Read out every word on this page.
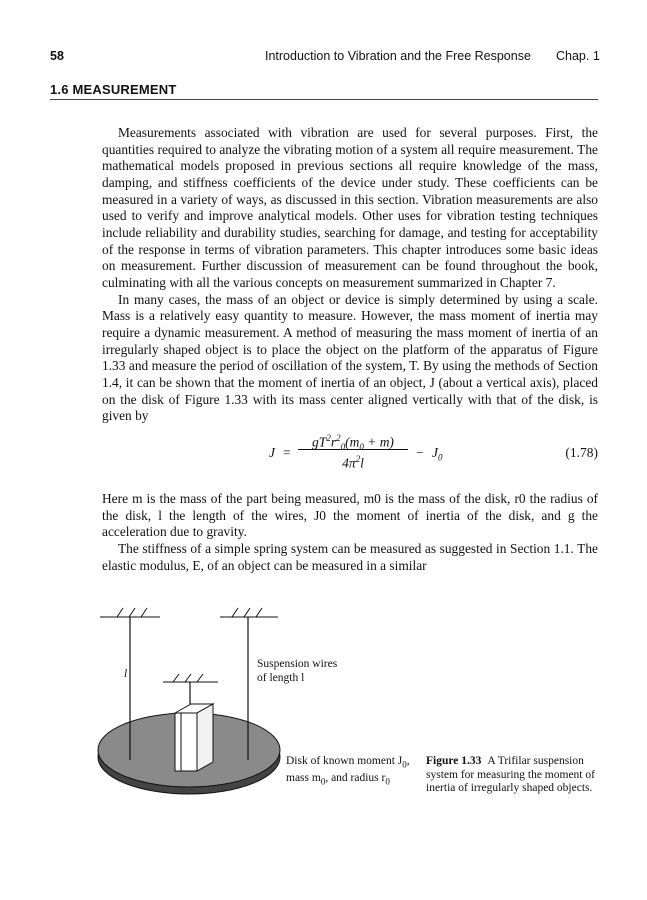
58	Introduction to Vibration and the Free Response Chap. 1
1.6 MEASUREMENT

Measurements associated with vibration are used for several purposes. First, the quantities required to analyze the vibrating motion of a system all require measurement. The mathematical models proposed in previous sections all require knowledge of the mass, damping, and stiffness coefficients of the device under study. These coefficients can be measured in a variety of ways, as discussed in this section. Vibration measurements are also used to verify and improve analytical models. Other uses for vibration testing techniques include reliability and durability studies, searching for damage, and testing for acceptability of the response in terms of vibration parameters. This chapter introduces some basic ideas on measurement. Further discussion of measurement can be found throughout the book, culminating with all the various concepts on measurement summarized in Chapter 7.

In many cases, the mass of an object or device is simply determined by using a scale. Mass is a relatively easy quantity to measure. However, the mass moment of inertia may require a dynamic measurement. A method of measuring the mass moment of inertia of an irregularly shaped object is to place the object on the platform of the apparatus of Figure 1.33 and measure the period of oscillation of the system, T. By using the methods of Section 1.4, it can be shown that the moment of inertia of an object, J (about a vertical axis), placed on the disk of Figure 1.33 with its mass center aligned vertically with that of the disk, is given by

J =
$gT^2r^2_0(m_0 + m)$
$4\pi^2l$
− $J_0$	(1.78)

Here m is the mass of the part being measured, m0 is the mass of the disk, r0 the radius of the disk, l the length of the wires, J0 the moment of inertia of the disk, and g the acceleration due to gravity.

The stiffness of a simple spring system can be measured as suggested in Section 1.1. The elastic modulus, E, of an object can be measured in a similar

l
Suspension wires
of length l
Disk of known moment $J_0$,
mass $m_0$, and radius $r_0$
Figure 1.33 A Trifilar suspension system for measuring the moment of inertia of irregularly shaped objects.
